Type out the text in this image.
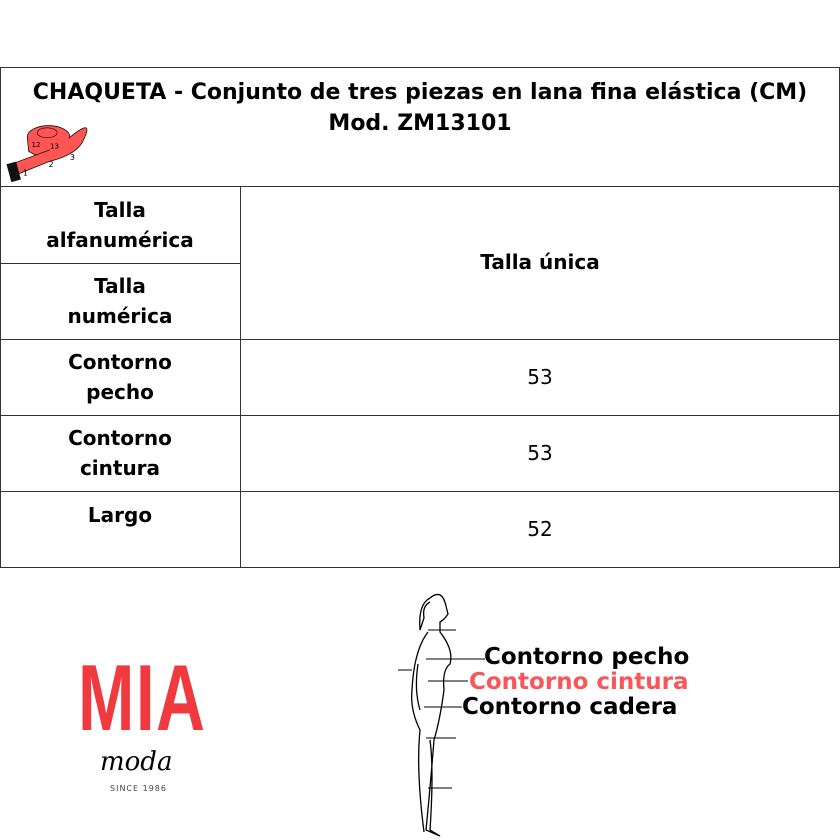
CHAQUETA - Conjunto de tres piezas en lana fina elástica (CM)
Mod. ZM13101
1
2
3
12 13
Talla alfanumérica
Talla numérica
Contorno pecho
Contorno cintura
Largo
Talla única
53
53
52
MIA
moda
SINCE 1986
Contorno pecho
Contorno cintura
Contorno cadera
